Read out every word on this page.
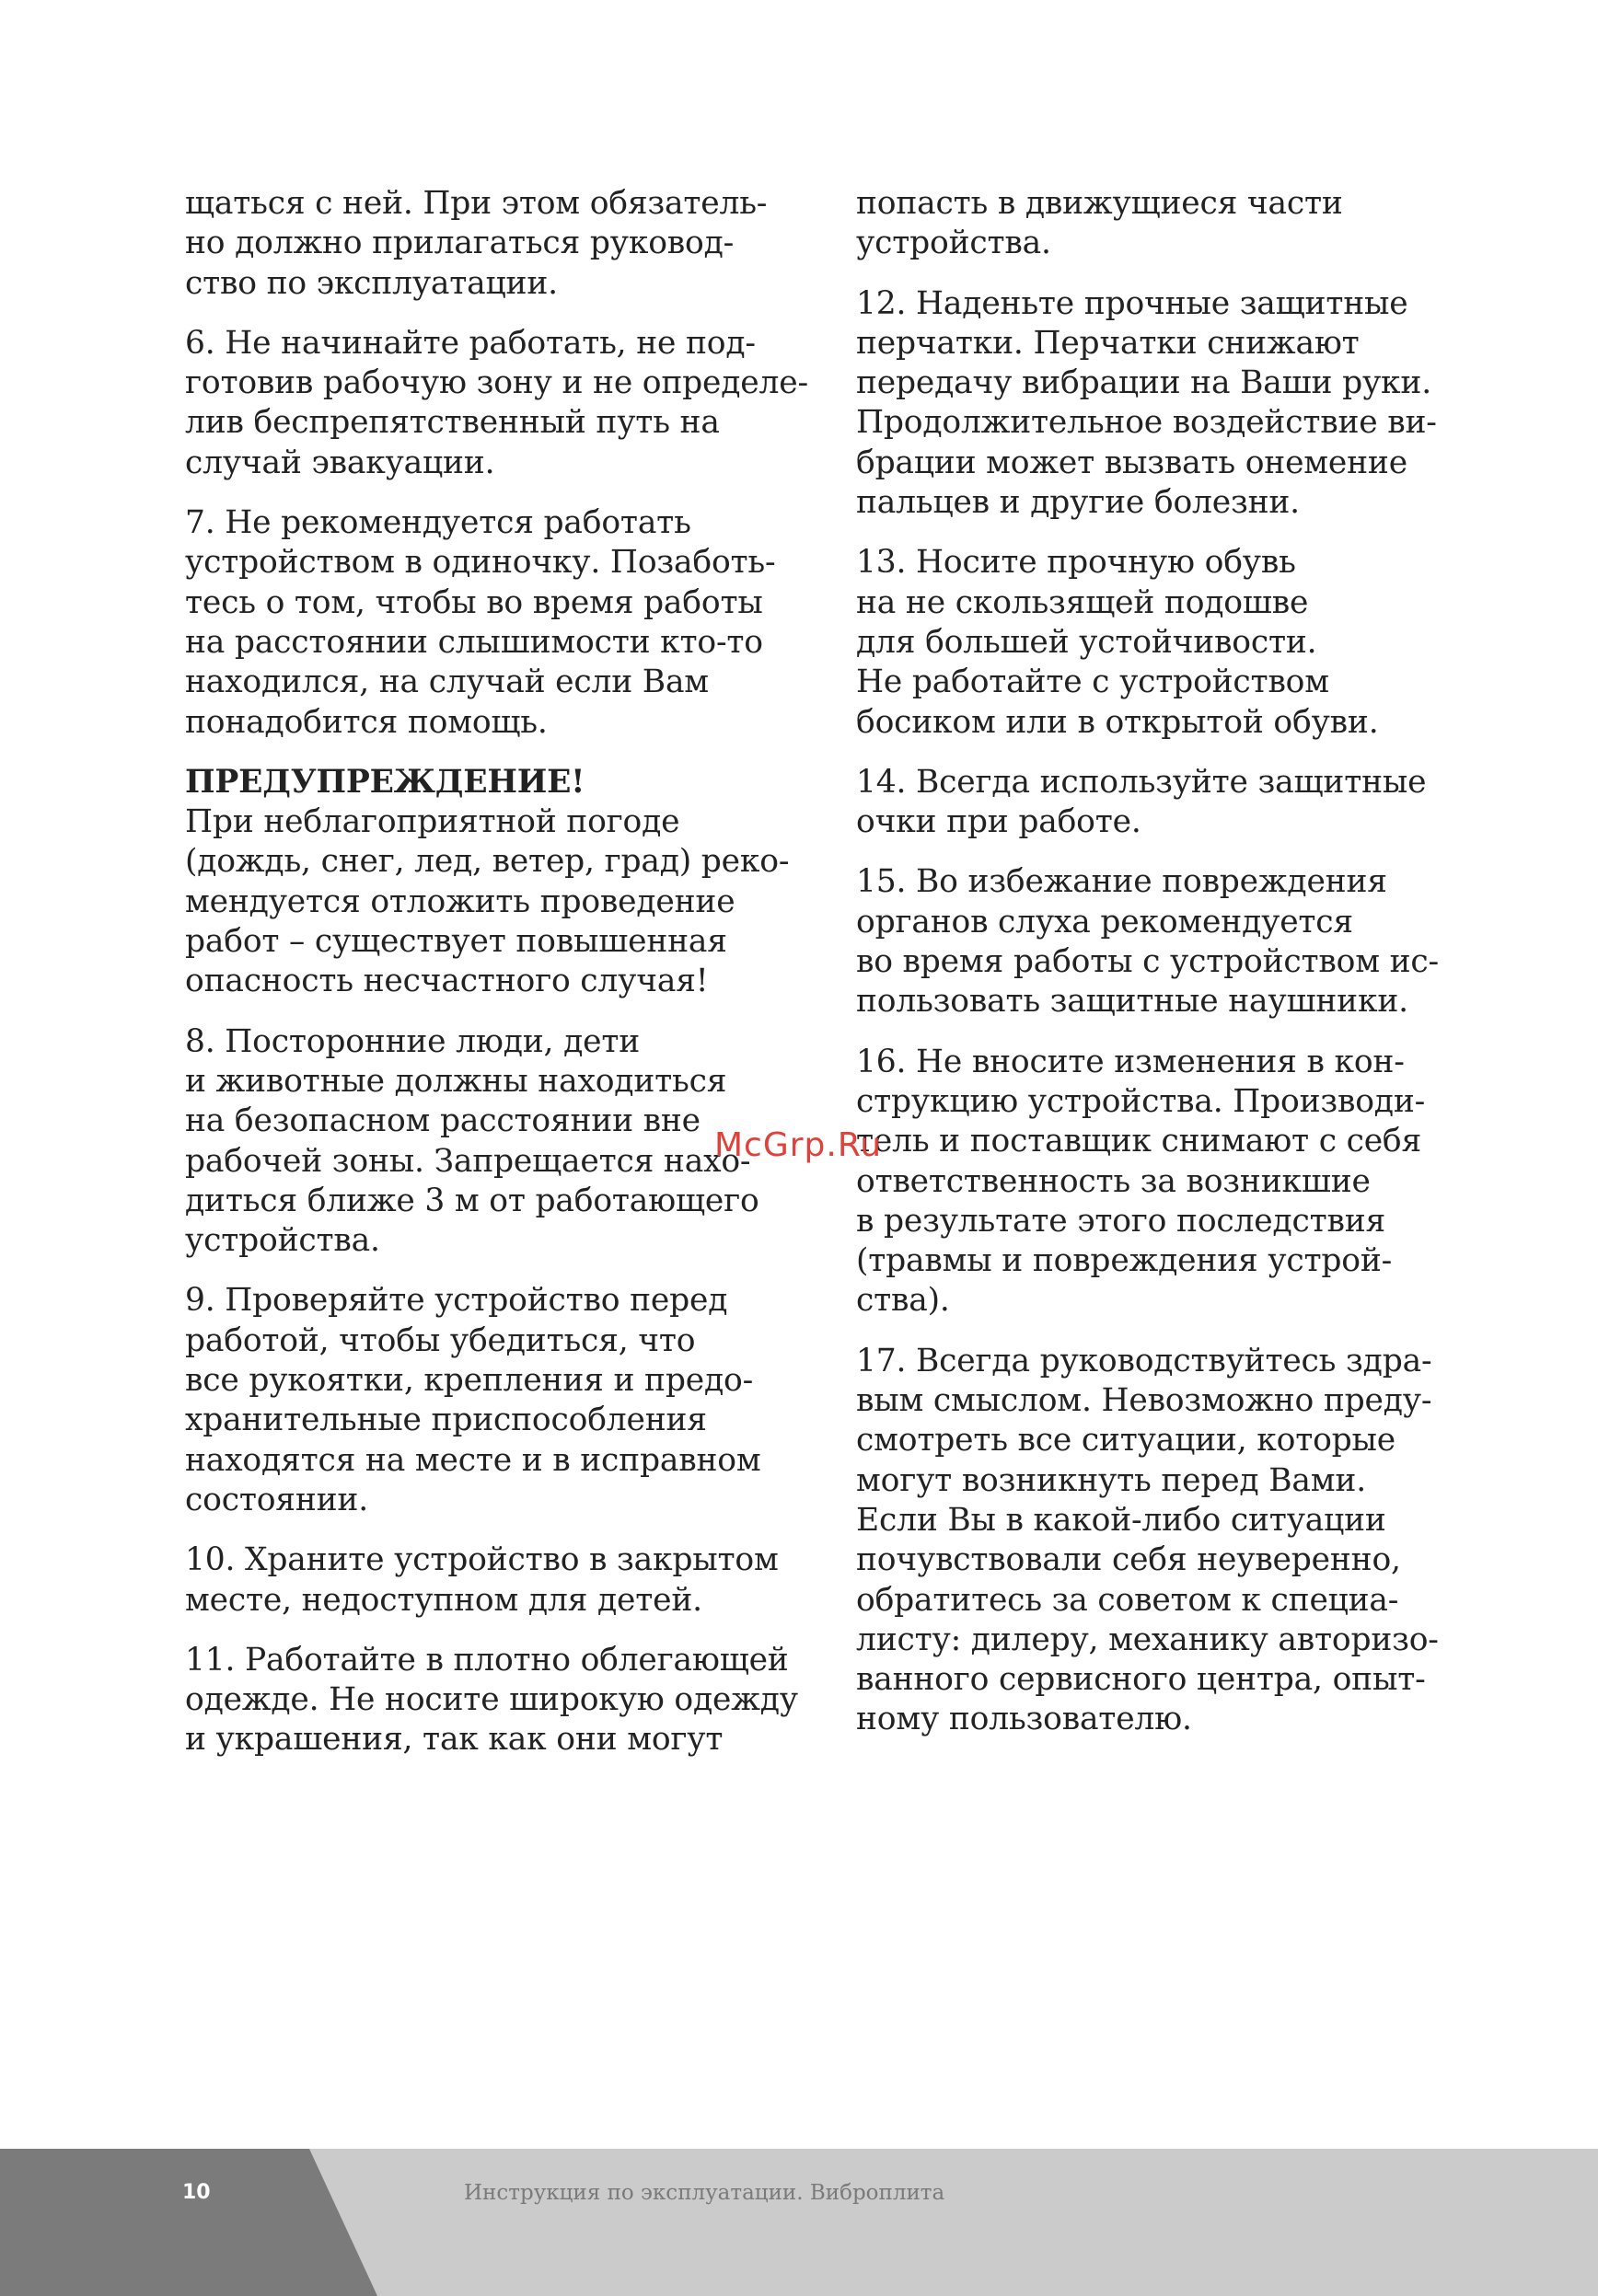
щаться с ней. При этом обязатель-
но должно прилагаться руковод-
ство по эксплуатации.

6. Не начинайте работать, не под-
готовив рабочую зону и не определе-
лив беспрепятственный путь на
случай эвакуации.

7. Не рекомендуется работать
устройством в одиночку. Позаботь-
тесь о том, чтобы во время работы
на расстоянии слышимости кто-то
находился, на случай если Вам
понадобится помощь.

ПРЕДУПРЕЖДЕНИЕ!
При неблагоприятной погоде
(дождь, снег, лед, ветер, град) реко-
мендуется отложить проведение
работ – существует повышенная
опасность несчастного случая!

8. Посторонние люди, дети
и животные должны находиться
на безопасном расстоянии вне
рабочей зоны. Запрещается нахо-
диться ближе 3 м от работающего
устройства.

9. Проверяйте устройство перед
работой, чтобы убедиться, что
все рукоятки, крепления и предо-
хранительные приспособления
находятся на месте и в исправном
состоянии.

10. Храните устройство в закрытом
месте, недоступном для детей.

11. Работайте в плотно облегающей
одежде. Не носите широкую одежду
и украшения, так как они могут

попасть в движущиеся части
устройства.

12. Наденьте прочные защитные
перчатки. Перчатки снижают
передачу вибрации на Ваши руки.
Продолжительное воздействие ви-
брации может вызвать онемение
пальцев и другие болезни.

13. Носите прочную обувь
на не скользящей подошве
для большей устойчивости.
Не работайте с устройством
босиком или в открытой обуви.

14. Всегда используйте защитные
очки при работе.

15. Во избежание повреждения
органов слуха рекомендуется
во время работы с устройством ис-
пользовать защитные наушники.

16. Не вносите изменения в кон-
струкцию устройства. Производи-
тель и поставщик снимают с себя
ответственность за возникшие
в результате этого последствия
(травмы и повреждения устрой-
ства).

17. Всегда руководствуйтесь здра-
вым смыслом. Невозможно преду-
смотреть все ситуации, которые
могут возникнуть перед Вами.
Если Вы в какой-либо ситуации
почувствовали себя неуверенно,
обратитесь за советом к специа-
листу: дилеру, механику авторизо-
ванного сервисного центра, опыт-
ному пользователю.

McGrp.Ru
10	Инструкция по эксплуатации. Виброплита
